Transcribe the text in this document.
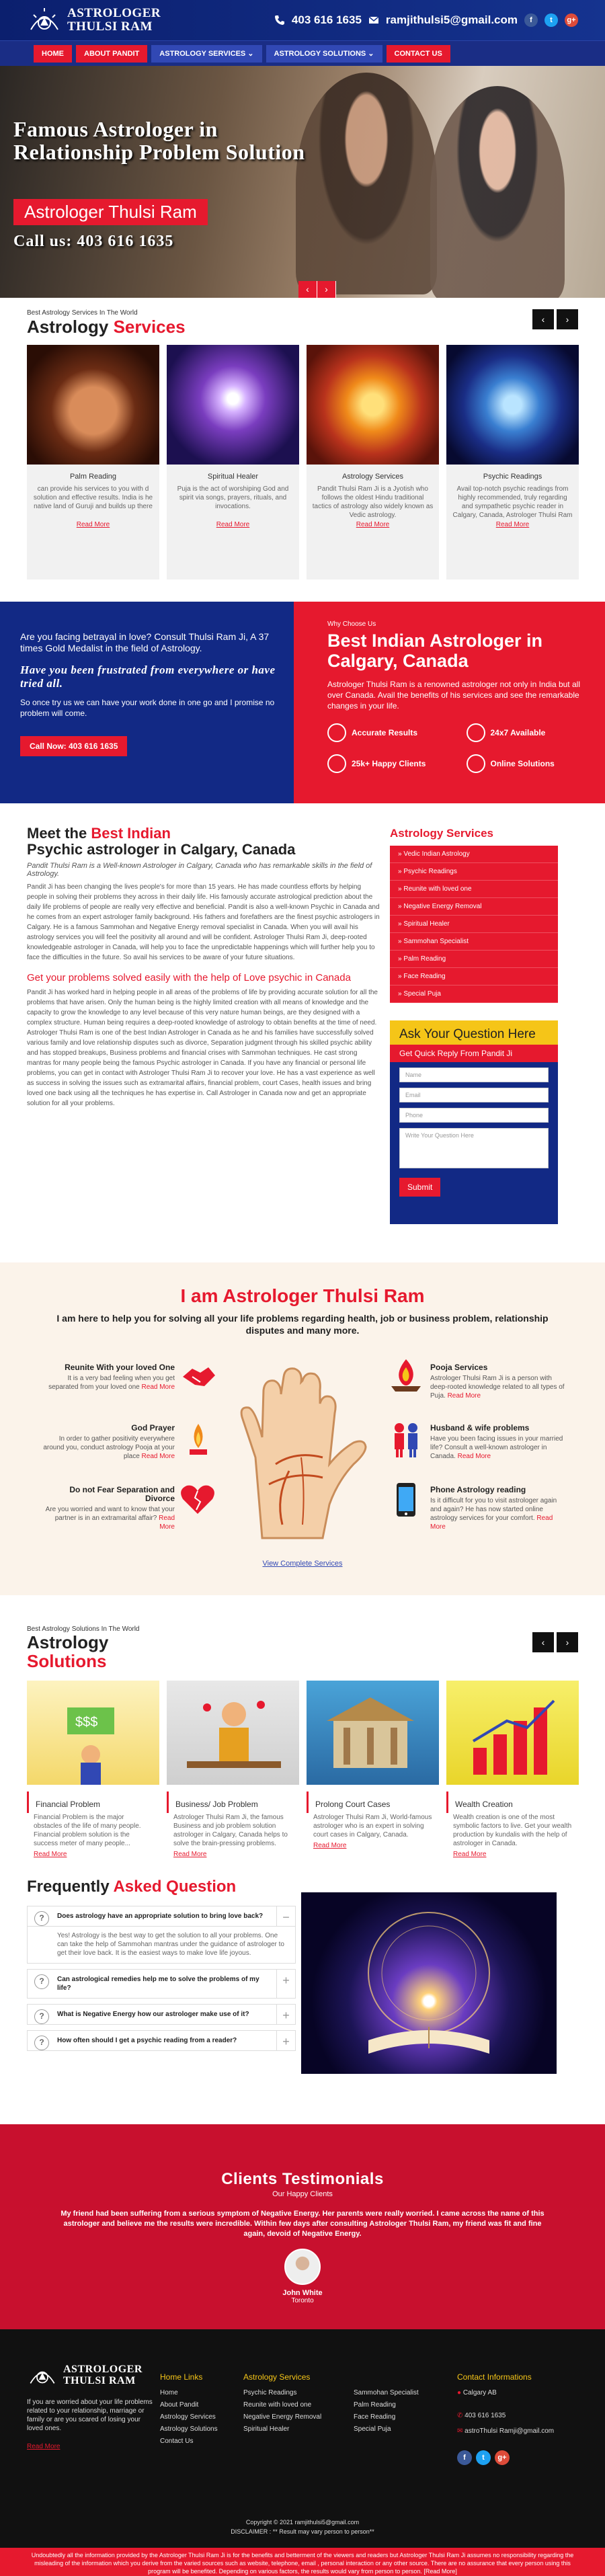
ASTROLOGER
THULSI RAM	403 616 1635 ramjithulsi5@gmail.com	f	t	g+
HOME	ABOUT PANDIT	ASTROLOGY SERVICES ⌄	ASTROLOGY SOLUTIONS ⌄	CONTACT US
Famous Astrologer in Relationship Problem Solution
Astrologer Thulsi Ram
Call us: 403 616 1635
‹	›
Best Astrology Services In The World
Astrology Services	‹	›
Palm Reading
can provide his services to you with d solution and effective results. India is he native land of Guruji and builds up there
Read More
Spiritual Healer
Puja is the act of worshiping God and spirit via songs, prayers, rituals, and invocations.
Read More
Astrology Services
Pandit Thulsi Ram Ji is a Jyotish who follows the oldest Hindu traditional tactics of astrology also widely known as Vedic astrology.
Read More
Psychic Readings
Avail top-notch psychic readings from highly recommended, truly regarding and sympathetic psychic reader in Calgary, Canada, Astrologer Thulsi Ram
Read More

Are you facing betrayal in love? Consult Thulsi Ram Ji, A 37 times Gold Medalist in the field of Astrology.

Have you been frustrated from everywhere or have tried all.

So once try us we can have your work done in one go and I promise no problem will come.

Call Now: 403 616 1635
Why Choose Us
Best Indian Astrologer in Calgary, Canada

Astrologer Thulsi Ram is a renowned astrologer not only in India but all over Canada. Avail the benefits of his services and see the remarkable changes in your life.

Accurate Results	24x7 Available
25k+ Happy Clients	Online Solutions
Meet the Best Indian
Psychic astrologer in Calgary, Canada
Pandit Thulsi Ram is a Well-known Astrologer in Calgary, Canada who has remarkable skills in the field of Astrology.

Pandit Ji has been changing the lives people's for more than 15 years. He has made countless efforts by helping people in solving their problems they across in their daily life. His famously accurate astrological prediction about the daily life problems of people are really very effective and beneficial. Pandit is also a well-known Psychic in Canada and he comes from an expert astrologer family background. His fathers and forefathers are the finest psychic astrologers in Calgary. He is a famous Sammohan and Negative Energy removal specialist in Canada. When you will avail his astrology services you will feel the positivity all around and will be confident. Astrologer Thulsi Ram Ji, deep-rooted knowledgeable astrologer in Canada, will help you to face the unpredictable happenings which will further help you to face the difficulties in the future. So avail his services to be aware of your future situations.

Get your problems solved easily with the help of Love psychic in Canada

Pandit Ji has worked hard in helping people in all areas of the problems of life by providing accurate solution for all the problems that have arisen. Only the human being is the highly limited creation with all means of knowledge and the capacity to grow the knowledge to any level because of this very nature human beings, are they designed with a complex structure. Human being requires a deep-rooted knowledge of astrology to obtain benefits at the time of need. Astrologer Thulsi Ram is one of the best Indian Astrologer in Canada as he and his families have successfully solved various family and love relationship disputes such as divorce, Separation judgment through his skilled psychic ability and has stopped breakups, Business problems and financial crises with Sammohan techniques. He cast strong mantras for many people being the famous Psychic astrologer in Canada. If you have any financial or personal life problems, you can get in contact with Astrologer Thulsi Ram Ji to recover your love. He has a vast experience as well as success in solving the issues such as extramarital affairs, financial problem, court Cases, health issues and bring loved one back using all the techniques he has expertise in. Call Astrologer in Canada now and get an appropriate solution for all your problems.

Astrology Services
» Vedic Indian Astrology
» Psychic Readings
» Reunite with loved one
» Negative Energy Removal
» Spiritual Healer
» Sammohan Specialist
» Palm Reading
» Face Reading
» Special Puja
Ask Your Question Here
Get Quick Reply From Pandit Ji
Name
Email
Phone
Write Your Question Here
Submit
I am Astrologer Thulsi Ram
I am here to help you for solving all your life problems regarding health, job or business problem, relationship disputes and many more.
Reunite With your loved One
It is a very bad feeling when you get separated from your loved one Read More
God Prayer
In order to gather positivity everywhere around you, conduct astrology Pooja at your place Read More
Do not Fear Separation and Divorce
Are you worried and want to know that your partner is in an extramarital affair? Read More
Pooja Services
Astrologer Thulsi Ram Ji is a person with deep-rooted knowledge related to all types of Puja. Read More
Husband & wife problems
Have you been facing issues in your married life? Consult a well-known astrologer in Canada. Read More
Phone Astrology reading
Is it difficult for you to visit astrologer again and again? He has now started online astrology services for your comfort. Read More
View Complete Services
Best Astrology Solutions In The World
Astrology
Solutions
‹	›
$$$
Financial Problem
Financial Problem is the major obstacles of the life of many people. Financial problem solution is the success meter of many people...
Read More
Business/ Job Problem
Astrologer Thulsi Ram Ji, the famous Business and job problem solution astrologer in Calgary, Canada helps to solve the brain-pressing problems.
Read More
Prolong Court Cases
Astrologer Thulsi Ram Ji, World-famous astrologer who is an expert in solving court cases in Calgary, Canada.
Read More
Wealth Creation
Wealth creation is one of the most symbolic factors to live. Get your wealth production by kundalis with the help of astrologer in Canada.
Read More
Frequently Asked Question
? Does astrology have an appropriate solution to bring love back?	−
Yes! Astrology is the best way to get the solution to all your problems. One can take the help of Sammohan mantras under the guidance of astrologer to get their love back. It is the easiest ways to make love life joyous.
? Can astrological remedies help me to solve the problems of my life?
+
? What is Negative Energy how our astrologer make use of it?	+
? How often should I get a psychic reading from a reader?	+
Clients Testimonials
Our Happy Clients

My friend had been suffering from a serious symptom of Negative Energy. Her parents were really worried. I came across the name of this astrologer and believe me the results were incredible. Within few days after consulting Astrologer Thulsi Ram, my friend was fit and fine again, devoid of Negative Energy.

John White
Toronto
ASTROLOGER
THULSI RAM
If you are worried about your life problems related to your relationship, marriage or family or are you scared of losing your loved ones.
Read More
Home Links
Home
About Pandit
Astrology Services
Astrology Solutions
Contact Us
Astrology Services
Psychic Readings
Reunite with loved one
Negative Energy Removal
Spiritual Healer
Sammohan Specialist
Palm Reading
Face Reading
Special Puja
Contact Informations
● Calgary AB
✆ 403 616 1635
✉ astroThulsi Ramji@gmail.com
f	t	g+
Copyright © 2021 ramjithulsi5@gmail.com
DISCLAIMER : ** Result may vary person to person**
Undoubtedly all the information provided by the Astrologer Thulsi Ram Ji is for the benefits and betterment of the viewers and readers but Astrologer Thulsi Ram Ji assumes no responsibility regarding the misleading of the information which you derive from the varied sources such as website, telephone, email , personal interaction or any other source. There are no assurance that every person using this program will be benefited. Depending on various factors, the results would vary from person to person. [Read More]
